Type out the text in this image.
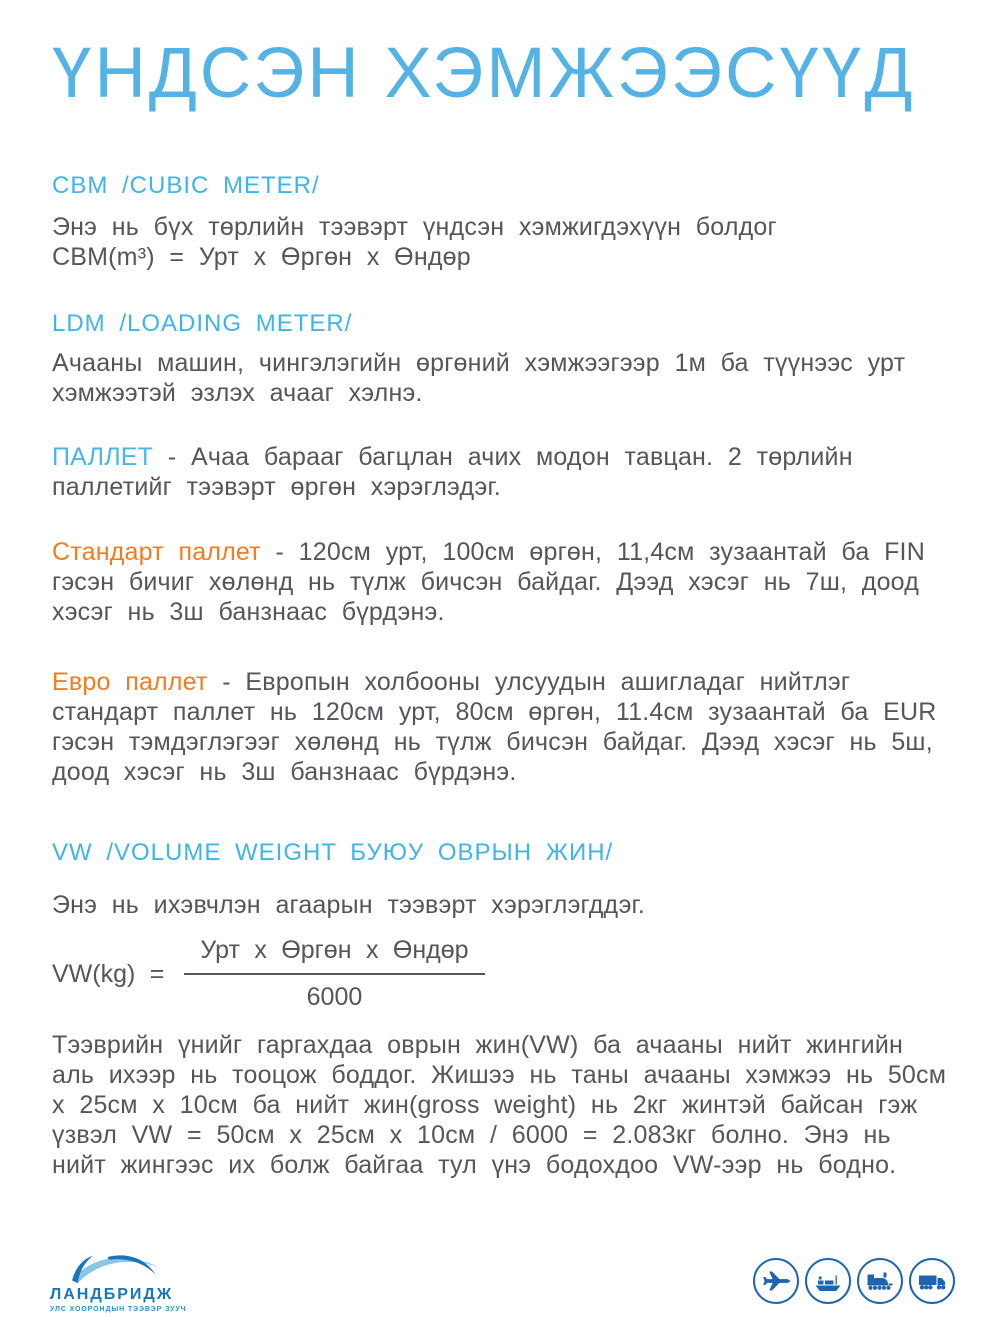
ҮНДСЭН ХЭМЖЭЭСҮҮД
CBM /CUBIC METER/
Энэ нь бүх төрлийн тээвэрт үндсэн хэмжигдэхүүн болдог
CBM(m³) = Урт х Өргөн х Өндөр
LDM /LOADING METER/
Ачааны машин, чингэлэгийн өргөний хэмжээгээр 1м ба түүнээс урт хэмжээтэй эзлэх ачааг хэлнэ.
ПАЛЛЕТ - Ачаа барааг багцлан ачих модон тавцан. 2 төрлийн паллетийг тээвэрт өргөн хэрэглэдэг.
Стандарт паллет - 120см урт, 100см өргөн, 11,4см зузаантай ба FIN гэсэн бичиг хөлөнд нь түлж бичсэн байдаг. Дээд хэсэг нь 7ш, доод хэсэг нь 3ш банзнаас бүрдэнэ.
Евро паллет - Европын холбооны улсуудын ашигладаг нийтлэг стандарт паллет нь 120см урт, 80см өргөн, 11.4см зузаантай ба EUR гэсэн тэмдэглэгээг хөлөнд нь түлж бичсэн байдаг. Дээд хэсэг нь 5ш, доод хэсэг нь 3ш банзнаас бүрдэнэ.
VW /VOLUME WEIGHT БУЮУ ОВРЫН ЖИН/
Энэ нь ихэвчлэн агаарын тээвэрт хэрэглэгддэг.
$VW(kg) = \frac{\text{Урт х Өргөн х Өндөр}}{6000}$
Тээврийн үнийг гаргахдаа оврын жин(VW) ба ачааны нийт жингийн аль ихээр нь тооцож боддог. Жишээ нь таны ачааны хэмжээ нь 50см х 25см х 10см ба нийт жин(gross weight) нь 2кг жинтэй байсан гэж үзвэл VW = 50см х 25см х 10см / 6000 = 2.083кг болно. Энэ нь нийт жингээс их болж байгаа тул үнэ бодохдоо VW-ээр нь бодно.
ЛАНДБРИДЖ
УЛС ХООРОНДЫН ТЭЭВЭР ЗУУЧ
